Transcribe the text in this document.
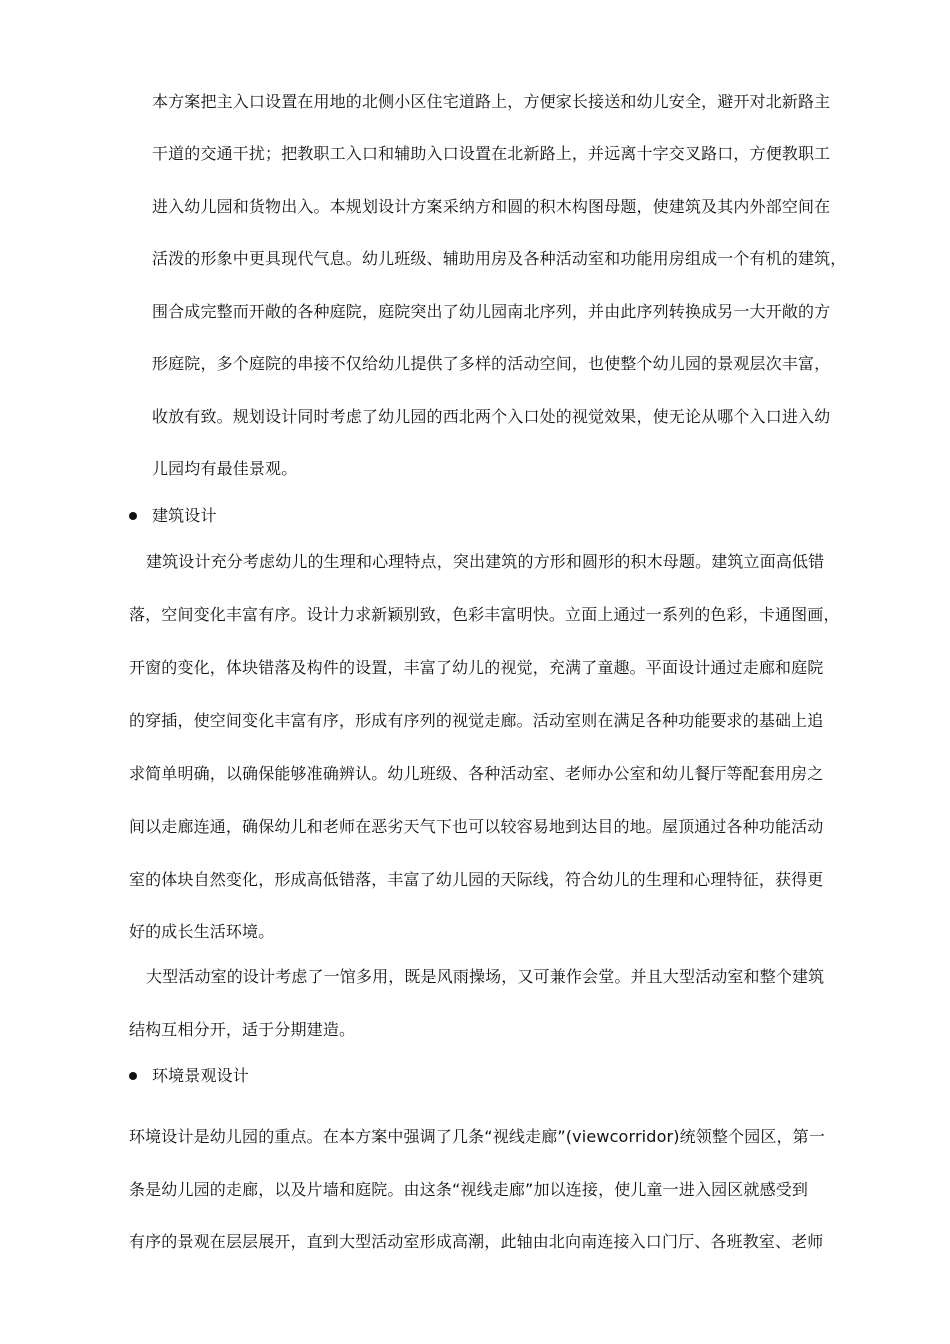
本方案把主入口设置在用地的北侧小区住宅道路上，方便家长接送和幼儿安全，避开对北新路主
干道的交通干扰；把教职工入口和辅助入口设置在北新路上，并远离十字交叉路口，方便教职工
进入幼儿园和货物出入。本规划设计方案采纳方和圆的积木构图母题，使建筑及其内外部空间在
活泼的形象中更具现代气息。幼儿班级、辅助用房及各种活动室和功能用房组成一个有机的建筑，
围合成完整而开敞的各种庭院，庭院突出了幼儿园南北序列，并由此序列转换成另一大开敞的方
形庭院，多个庭院的串接不仅给幼儿提供了多样的活动空间，也使整个幼儿园的景观层次丰富，
收放有致。规划设计同时考虑了幼儿园的西北两个入口处的视觉效果，使无论从哪个入口进入幼
儿园均有最佳景观。
建筑设计
建筑设计充分考虑幼儿的生理和心理特点，突出建筑的方形和圆形的积木母题。建筑立面高低错
落，空间变化丰富有序。设计力求新颖别致，色彩丰富明快。立面上通过一系列的色彩，卡通图画，
开窗的变化，体块错落及构件的设置，丰富了幼儿的视觉，充满了童趣。平面设计通过走廊和庭院
的穿插，使空间变化丰富有序，形成有序列的视觉走廊。活动室则在满足各种功能要求的基础上追
求简单明确，以确保能够准确辨认。幼儿班级、各种活动室、老师办公室和幼儿餐厅等配套用房之
间以走廊连通，确保幼儿和老师在恶劣天气下也可以较容易地到达目的地。屋顶通过各种功能活动
室的体块自然变化，形成高低错落，丰富了幼儿园的天际线，符合幼儿的生理和心理特征，获得更
好的成长生活环境。
大型活动室的设计考虑了一馆多用，既是风雨操场，又可兼作会堂。并且大型活动室和整个建筑
结构互相分开，适于分期建造。
环境景观设计
环境设计是幼儿园的重点。在本方案中强调了几条“视线走廊”(viewcorridor)统领整个园区，第一
条是幼儿园的走廊，以及片墙和庭院。由这条“视线走廊”加以连接，使儿童一进入园区就感受到
有序的景观在层层展开，直到大型活动室形成高潮，此轴由北向南连接入口门厅、各班教室、老师
